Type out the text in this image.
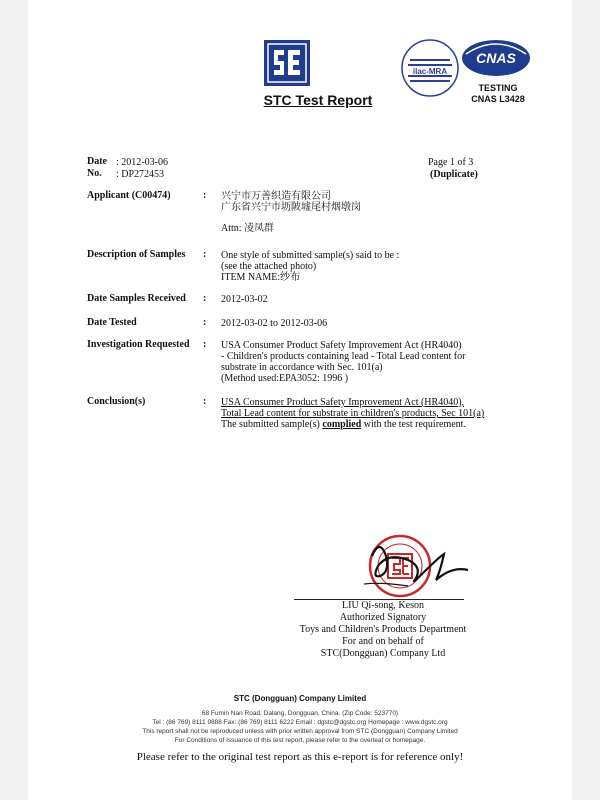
STC Test Report
ilac-MRA
CNAS
TESTING
CNAS L3428
Date : 2012-03-06
No. : DP272453
Page 1 of 3
(Duplicate)
Applicant (C00474)	: 兴宁市万善织造有限公司
广东省兴宁市坜陂墟尾村烟墩岗
Attn: 凌凤群
Description of Samples : One style of submitted sample(s) said to be :
(see the attached photo)
ITEM NAME:纱布
Date Samples Received : 2012-03-02
Date Tested	: 2012-03-02 to 2012-03-06
Investigation Requested : USA Consumer Product Safety Improvement Act (HR4040)
- Children's products containing lead - Total Lead content for
substrate in accordance with Sec. 101(a)
(Method used:EPA3052: 1996 )
Conclusion(s)	: USA Consumer Product Safety Improvement Act (HR4040),
Total Lead content for substrate in children's products, Sec 101(a)
The submitted sample(s) complied with the test requirement.
LIU Qi-song, Keson
Authorized Signatory
Toys and Children's Products Department
For and on behalf of
STC(Dongguan) Company Ltd
STC (Dongguan) Company Limited
68 Fumin Nan Road, Dalang, Dongguan, China. (Zip Code: 523770)
Tel : (86 769) 8111 9888 Fax: (86 769) 8111 6222 Email : dgstc@dgstc.org Homepage : www.dgstc.org
This report shall not be reproduced unless with prior written approval from STC (Dongguan) Company Limited
For Conditions of Issuance of this test report, please refer to the overleaf or homepage.
Please refer to the original test report as this e-report is for reference only!
